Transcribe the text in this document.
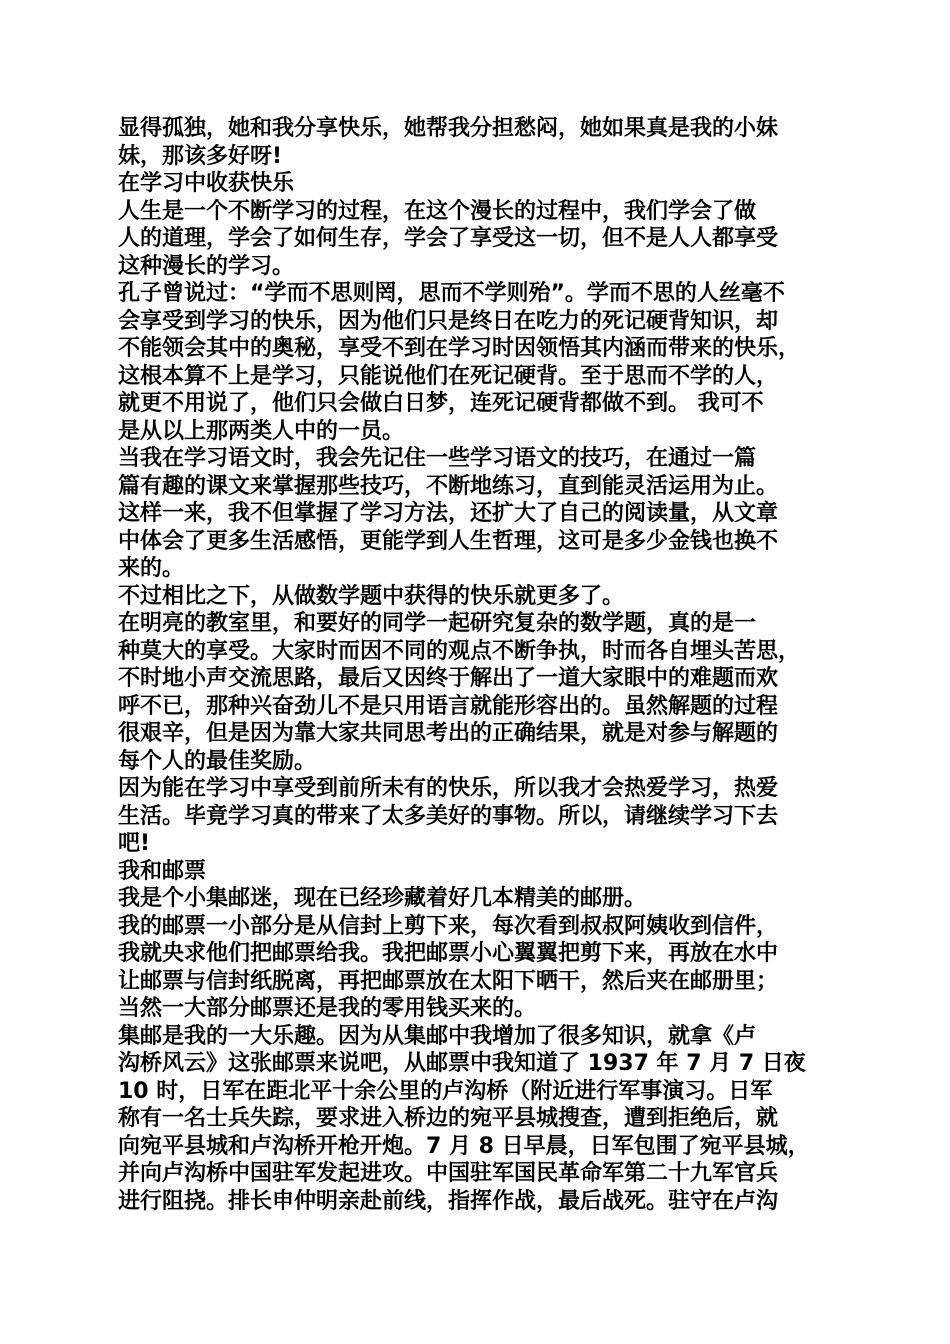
显得孤独，她和我分享快乐，她帮我分担愁闷，她如果真是我的小妹
妹，那该多好呀!
在学习中收获快乐
人生是一个不断学习的过程，在这个漫长的过程中，我们学会了做
人的道理，学会了如何生存，学会了享受这一切，但不是人人都享受
这种漫长的学习。
孔子曾说过：“学而不思则罔，思而不学则殆”。学而不思的人丝毫不
会享受到学习的快乐，因为他们只是终日在吃力的死记硬背知识，却
不能领会其中的奥秘，享受不到在学习时因领悟其内涵而带来的快乐，
这根本算不上是学习，只能说他们在死记硬背。至于思而不学的人，
就更不用说了，他们只会做白日梦，连死记硬背都做不到。 我可不
是从以上那两类人中的一员。
当我在学习语文时，我会先记住一些学习语文的技巧，在通过一篇
篇有趣的课文来掌握那些技巧，不断地练习，直到能灵活运用为止。
这样一来，我不但掌握了学习方法，还扩大了自己的阅读量，从文章
中体会了更多生活感悟，更能学到人生哲理，这可是多少金钱也换不
来的。
不过相比之下，从做数学题中获得的快乐就更多了。
在明亮的教室里，和要好的同学一起研究复杂的数学题，真的是一
种莫大的享受。大家时而因不同的观点不断争执，时而各自埋头苦思，
不时地小声交流思路，最后又因终于解出了一道大家眼中的难题而欢
呼不已，那种兴奋劲儿不是只用语言就能形容出的。虽然解题的过程
很艰辛，但是因为靠大家共同思考出的正确结果，就是对参与解题的
每个人的最佳奖励。
因为能在学习中享受到前所未有的快乐，所以我才会热爱学习，热爱
生活。毕竟学习真的带来了太多美好的事物。所以，请继续学习下去
吧!
我和邮票
我是个小集邮迷，现在已经珍藏着好几本精美的邮册。
我的邮票一小部分是从信封上剪下来，每次看到叔叔阿姨收到信件，
我就央求他们把邮票给我。我把邮票小心翼翼把剪下来，再放在水中
让邮票与信封纸脱离，再把邮票放在太阳下晒干，然后夹在邮册里；
当然一大部分邮票还是我的零用钱买来的。
集邮是我的一大乐趣。因为从集邮中我增加了很多知识，就拿《卢
沟桥风云》这张邮票来说吧，从邮票中我知道了 1937 年 7 月 7 日夜
10 时，日军在距北平十余公里的卢沟桥（附近进行军事演习。日军
称有一名士兵失踪，要求进入桥边的宛平县城搜查，遭到拒绝后，就
向宛平县城和卢沟桥开枪开炮。7 月 8 日早晨，日军包围了宛平县城，
并向卢沟桥中国驻军发起进攻。中国驻军国民革命军第二十九军官兵
进行阻挠。排长申仲明亲赴前线，指挥作战，最后战死。驻守在卢沟
